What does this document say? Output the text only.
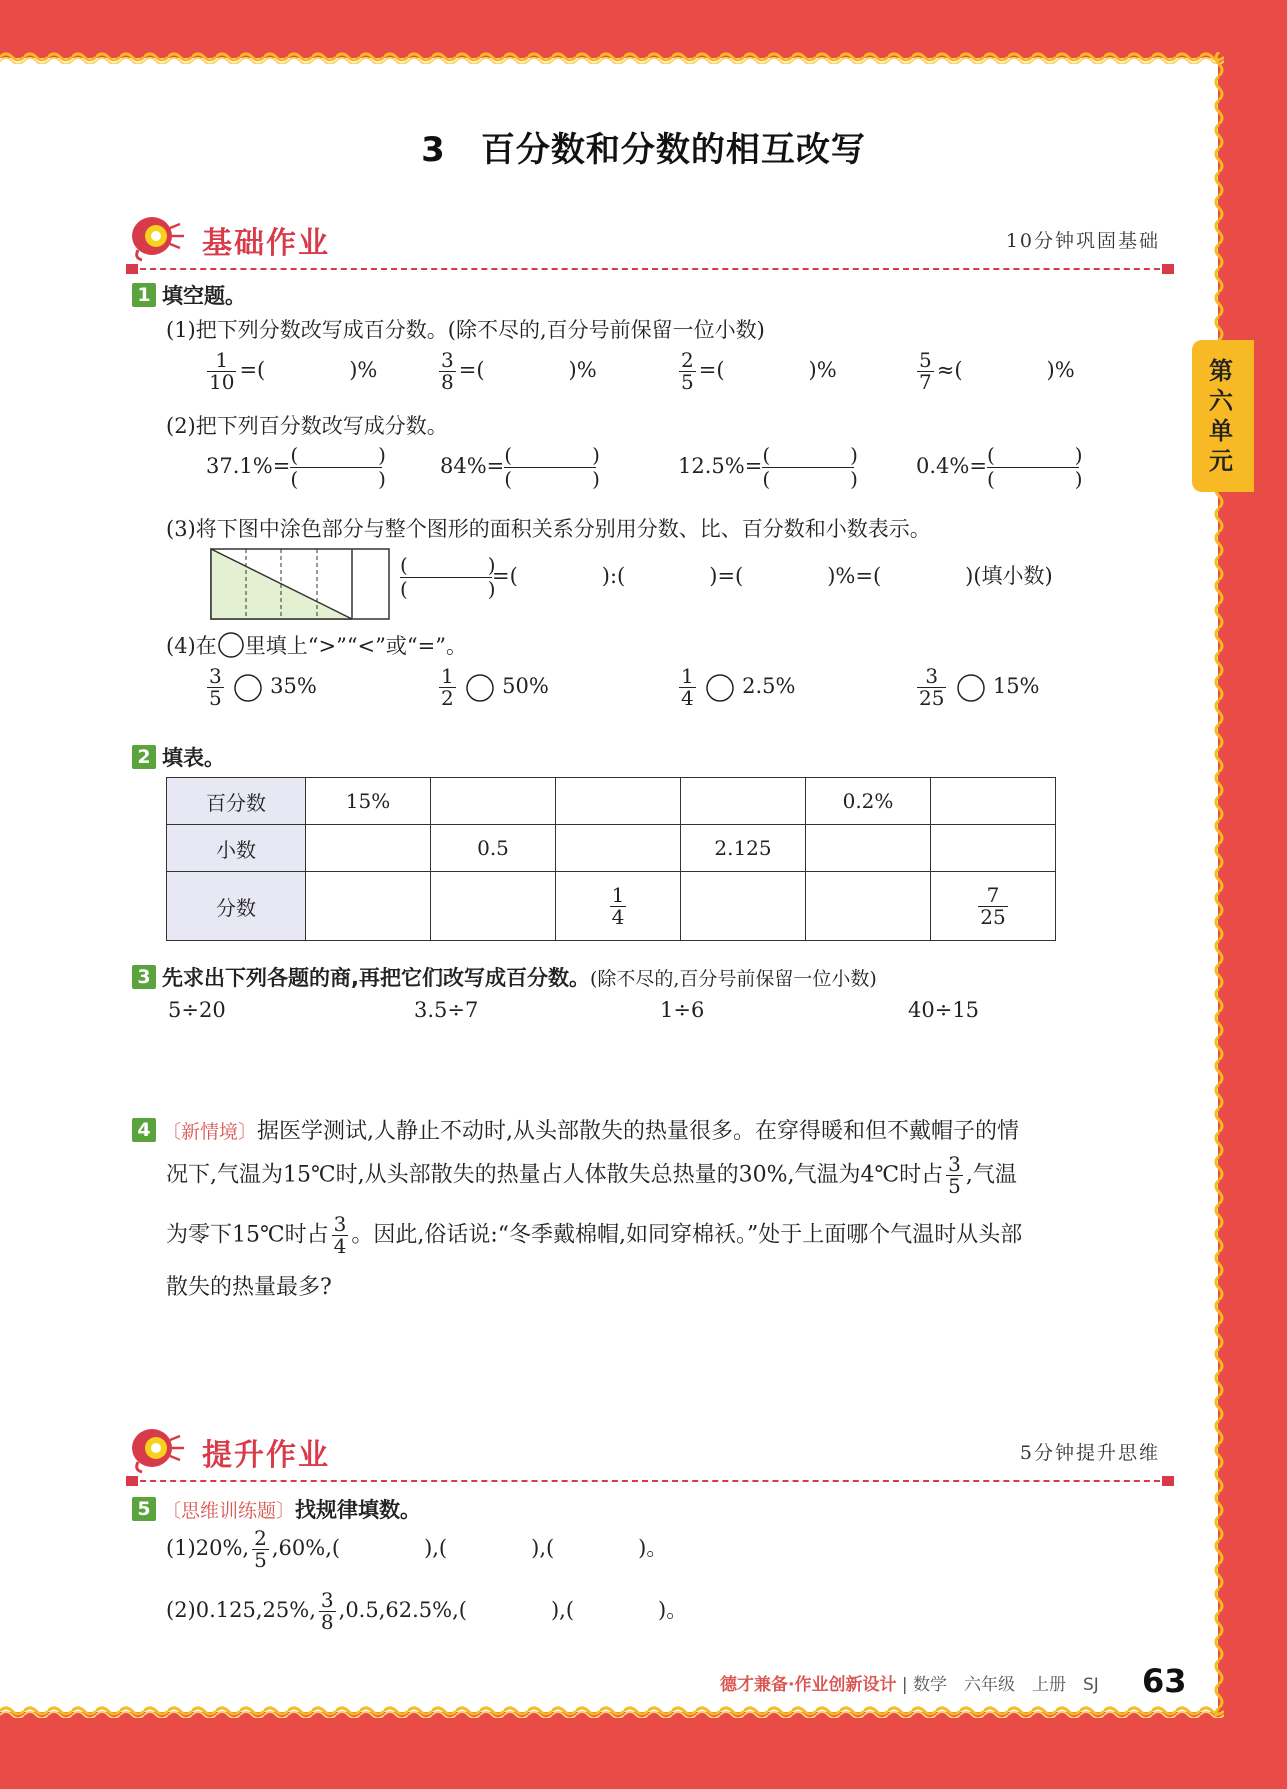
第六单元
3　百分数和分数的相互改写
基础作业	10分钟巩固基础
1 填空题。
(1)把下列分数改写成百分数。(除不尽的,百分号前保留一位小数)
$\frac{1}{10}$ =(　　　　)%	$\frac{3}{8}$ =(　　　　)%	$\frac{2}{5}$ =(　　　　)%	$\frac{5}{7}$ ≈(　　　　)%
(2)把下列百分数改写成分数。
37.1%= (　　　　)
(　　　　)
84%= (　　　　)
(　　　　)
12.5%= (　　　　)
(　　　　)
0.4%= (　　　　)
(　　　　)
(3)将下图中涂色部分与整个图形的面积关系分别用分数、比、百分数和小数表示。
(　　　　)
(　　　　)=(　　　　):(　　　　)=(　　　　)%=(　　　　)(填小数)
(4)在 里填上“>”“<”或“=”。
$\frac{3}{5} 35\%$	$\frac{1}{2} 50\%$	$\frac{1}{4} 2.5\%$	$\frac{3}{25} 15\%$
2 填表。
百分数	15%				0.2%	
小数		0.5		2.125		
分数			$\frac{1}{4}$			$\frac{7}{25}$
3 先求出下列各题的商,再把它们改写成百分数。(除不尽的,百分号前保留一位小数)
5÷20	3.5÷7	1÷6	40÷15
4 〔新情境〕据医学测试,人静止不动时,从头部散失的热量很多。在穿得暖和但不戴帽子的情
况下,气温为15℃时,从头部散失的热量占人体散失总热量的30%,气温为4℃时占 $\frac{3}{5}$ ,气温
为零下15℃时占 $\frac{3}{4}$ 。因此,俗话说:“冬季戴棉帽,如同穿棉袄。”处于上面哪个气温时从头部
散失的热量最多?
提升作业	5分钟提升思维
5 〔思维训练题〕找规律填数。
(1)20%, $\frac{2}{5} ,60\%$,(　　　　),(　　　　),(　　　　)。
(2)0.125,25%, $\frac{3}{8} ,0.5,62.5\%$,(　　　　),(　　　　)。
德才兼备·作业创新设计 | 数学　六年级　上册　SJ 63
